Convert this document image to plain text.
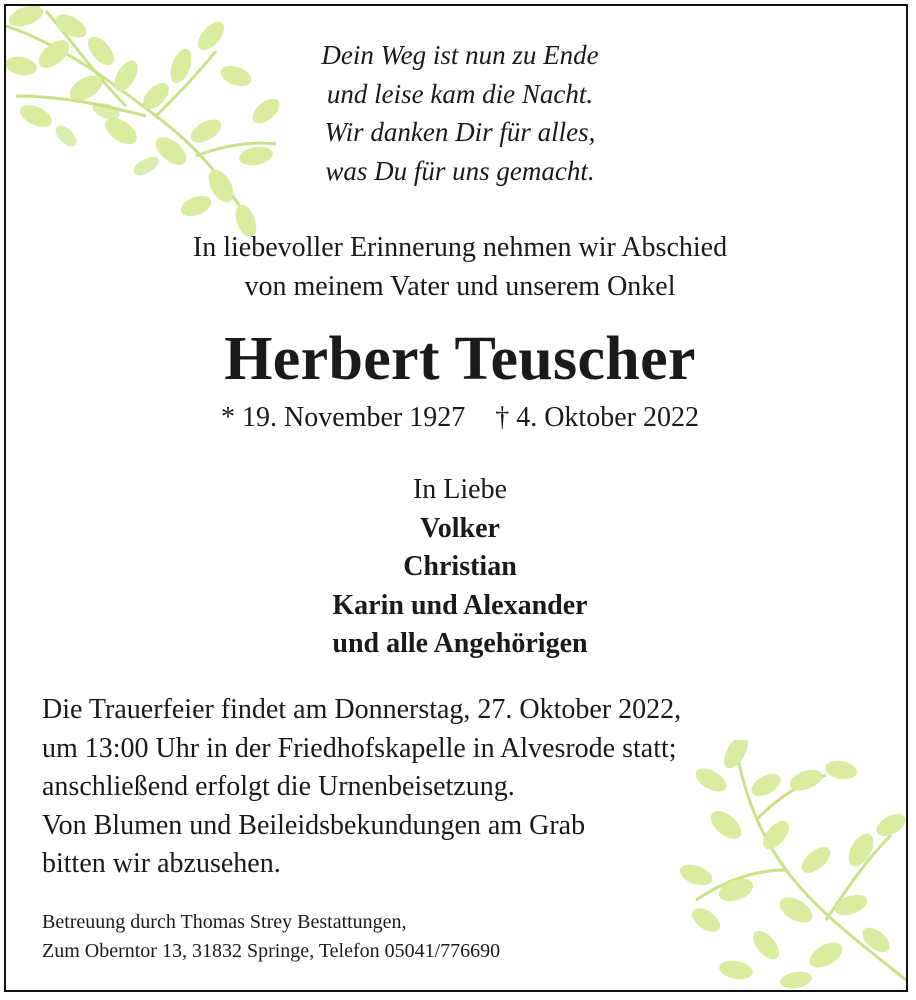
Dein Weg ist nun zu Ende
und leise kam die Nacht.
Wir danken Dir für alles,
was Du für uns gemacht.
In liebevoller Erinnerung nehmen wir Abschied
von meinem Vater und unserem Onkel
Herbert Teuscher
* 19. November 1927 † 4. Oktober 2022
In Liebe
Volker
Christian
Karin und Alexander
und alle Angehörigen
Die Trauerfeier findet am Donnerstag, 27. Oktober 2022,
um 13:00 Uhr in der Friedhofskapelle in Alvesrode statt;
anschließend erfolgt die Urnenbeisetzung.
Von Blumen und Beileidsbekundungen am Grab
bitten wir abzusehen.
Betreuung durch Thomas Strey Bestattungen,
Zum Oberntor 13, 31832 Springe, Telefon 05041/776690
